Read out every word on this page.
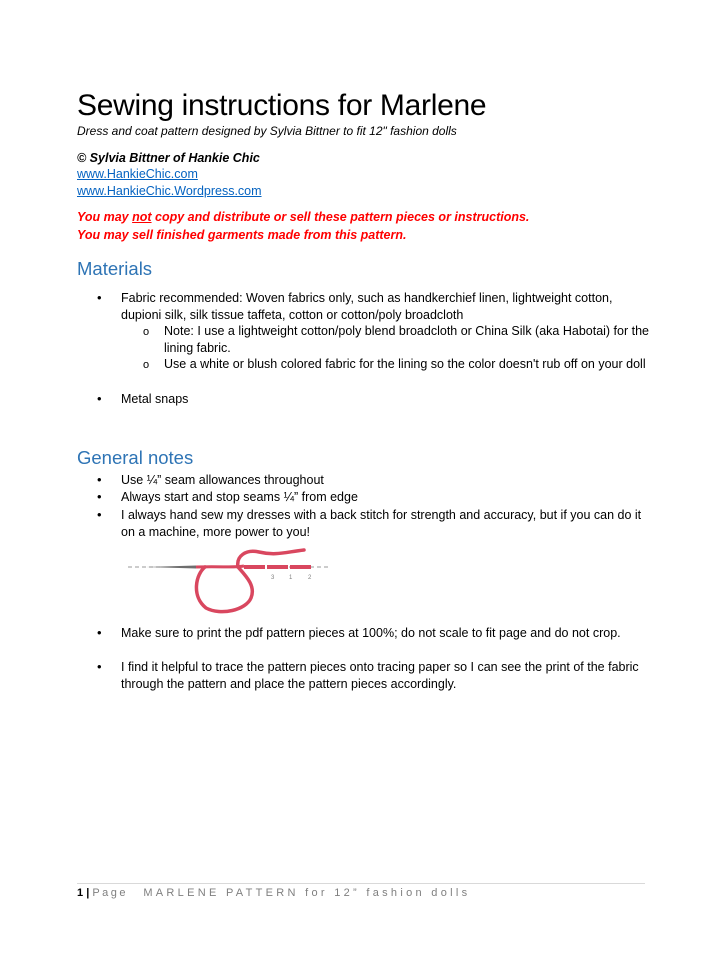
Sewing instructions for Marlene
Dress and coat pattern designed by Sylvia Bittner to fit 12" fashion dolls
© Sylvia Bittner of Hankie Chic
www.HankieChic.com
www.HankieChic.Wordpress.com
You may not copy and distribute or sell these pattern pieces or instructions.
You may sell finished garments made from this pattern.
Materials
• Fabric recommended: Woven fabrics only, such as handkerchief linen, lightweight cotton, dupioni silk, silk tissue taffeta, cotton or cotton/poly broadcloth
o Note: I use a lightweight cotton/poly blend broadcloth or China Silk (aka Habotai) for the lining fabric.
o Use a white or blush colored fabric for the lining so the color doesn't rub off on your doll
• Metal snaps
General notes
• Use ¼” seam allowances throughout
• Always start and stop seams ¼” from edge
• I always hand sew my dresses with a back stitch for strength and accuracy, but if you can do it on a machine, more power to you!
3 1	2
• Make sure to print the pdf pattern pieces at 100%; do not scale to fit page and do not crop.
• I find it helpful to trace the pattern pieces onto tracing paper so I can see the print of the fabric through the pattern and place the pattern pieces accordingly.
1 | Page MARLENE PATTERN for 12” fashion dolls
